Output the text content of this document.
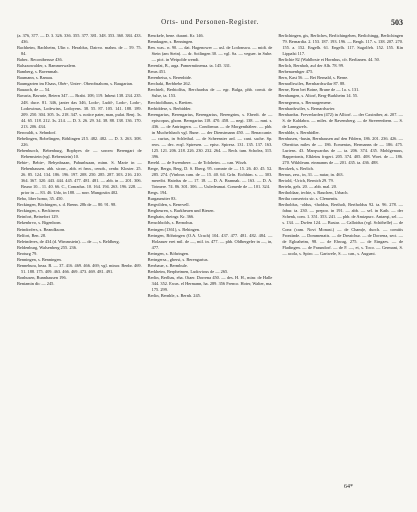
Orts- und Personen-Register.	503

(a. 376, 377. — D. 3. 326. 336. 355. 377. 381. 348. 353. 360. 384. 433. 436.

Bachheim, Bachheim, Ulin c. Heraldus, Dairvo. mahm. de ... 59. 75. 84.

Baber.. Reconiberuse 436.

Balszaowalder, s. Bammerwalern.

Bamberg, s. Bavenmah.

Baumann, s. Bamau.

Baumgarten im Elsass, Obér-, Unter-. Oberobsahom, s. Baugartan.

Bauaach, de — 54.

Bavaria, Bavarie, Beiern 347. — Brabt. 108; 119. Inbeut 138. 234. 235. 248. duce. 81. 346, janter das 346, Lodo-, Ludd-, Lodo-, Lodo-, Lodowinus, Lodewins, Lodoyens. 38. 55. 87. 105. 141. 188. 189. 209. 250. 304. 305. 3s. 218. 347. s. notice pater, man, pulat. Benj. 3s. 44. 65. 118. 212. 3s. 214. — D. 3. 26. 29. 34. 38. 88. 138. 136. 170. 213. 206. 434.

Beroraldt, s. Sehndorf.

Bebelingen, Bobelingen, Böblingen 215. 482. 482. — D. 3. 263. 308. 226.

Bebenburch, Bebenburg, Bopbyes de — sororw Berengari de Rebemstein (vgl. Rebenstein) 10.

Bebie-, Bebie-, Bebynbsaan, Pabunbsaan, minn. S. Marie in — Bebenhausen. abb. sicorr., abb. et frnn., cenob., cenbr. Kloster. 25. 26. 85. 124. 134. 186. 196. 197. 208. 250. 285. 287. 303. 216. 210. 364. 367. 320. 443. 444. 445. 477. 481. 481. — abb. in — 201. 306. Bruno 10... 11. 40. 66. C., Conradus. 10. 164. 194. 263. 196. 228. — prior in — 83. 46. Udo, in 188. — norr. Mungostin 402.

Bebo, liber homo, 35. 450.

Beckingen, Böchingen, s. d. Brenn. 28b de — 80. 91. 98.

Beckingen, s. Beckinver.

Beinfort, Beinefort 129.

Bekenbrvo, s. Bigenborn.

Beindorfers, s. Beandksorn.

Belfort, Ben. 28.

Beleinderes, de 434 (d. Wimmstein). — de —, s. Beldberg.

Beldenburg, Walsenberg 255. 236.

Beoturg 79.

Benningen, s. Benningen.

Bennebura, beaa. B. — 37. 416. 469. 466. 469; vgl. minor. Benbr. 469. 51. 188. 175. 409. 463. 466. 469. 473. 469. 481. 491.

Bonhusen, Bunnhausen 196.

Beniamin dic — 245.

Benckele, bene. durant. Kr. 146.

Bennkugen, s. Benningen.

Ben. was.. n. 90. — dat. Hagenower — usl. de Lodonswa. — midt. de Stein (am Stein). — dr. Soilingen 30. — vgl. Sa. — veguer. in Sube. — pict. in Weipolde wendi.

Berenfat, B., arga. Pamermiinensa. ta. 145. 331.

Beras 451.

Berenbeisa, s. Berenbide.

Berchaki, Berbbebe 262.

Berchtelt, Berhtolfus, Berchardus de — egr. Bulga, phb. comit. de Sulse, ta. 153.

Berchtoldhaus, s. Bretten.

Berbiddese, s. Berbidder.

Berengarius, Berengarius, Berengarius, Berengrins, s. Eberdt. de — episcopus, ghorn. Berngarius 118. 470. 458. — negt. 138. — mni. s. 436. — de Antringern. — Condirmus — de Morgenthäleer. — phb. in Muchelsbach vgl. Bune. — der Dienstmann 450. — Benaccanie. — curius, in Schlethal. — de Scheenster ard. — cant. sache. Sp. reos. — dec. ecql. Spiresen. — episc. Spiresz. 131. 135. 137. 163. 125. 121. 206. 218. 226. 230. 232. 264. — Rech. tum. Scholea, 315. 396.

Berehl. — de Swembere. — de Toloheim. — can. Wirzb.

Berge, Berga, Berg, D. S. Eberg. 95. comnte de — 15. 26. 40. 45. 52. 285. 274. (Vinbras cam. de — 15. 40. 64. Grfn. Eichhim. s. — 303. mereibt. Hairdus de — 17. 18. — D. A. Brannak. — 163. — D. A. Totmere. 74. 86. 301. 306. — Uuledeumai. Comede de — 101. 324.

Bergs. 194.

Burgaunstter 83.

Bergvilden, s. Benvvell.

Bergheuren, s. Burkheuen und Biesen.

Berghain, rheingr. Kr. 366.

Beruchbolds, s. Bernohus.

Beringen (1361), s. Behingen.

Beringen, Böhringen (O.A. Urach) 104. 437. 477. 481. 482. 484. — Holzauer erei mil. de —, mil. in. 477. — phb. Oldbergeler in —, in, 477.

Beringen, s. Böhringen.

Beringersz., gberst, s. Berengarius.

Berrbaue, s. Bermbule.

Berkheim, Berpheimen, Ludovious de — 265.

Berlin, Berlhas, eha. Otaer. Dorrena 450. — des. H. H., minr. de Halle 344. 352. Ewas. el Hermann, ha. 289. 356 Frenco. Hoter, Walter, ma. 175. 299.

Berlin, Bernhle, s. Bernh. 245.

Berlichingen, gis, Berliches, Berlichingehen, Berlichingg, Berlichingen 79. Bernardia. 2. 153. 187. 193. 196. — Bergh. 117. s. 138. 207. 270. 155. a. 152. Engelh. 61. Engelh. 117. Sugolfeh. 152. 155. Kin Lippalsi 117.

Berlichie 82 (Wahlbrste et Hornhus, cfr. Berlianen. 44. 50.

Berlich, Bernhoh, auf der Alb. 78. 99.

Berbenaenbger 475.

Bern, Kast 56. — Bei Bernald, s. Berne.

Bernarllswiles, Bernhardswilar 87. 88.

Berne, Bern bei Boine, Brune de — 1a. s. 131.

Bernhangen, s. Altorf, Berg-Burkheim 14. 55.

Bernegerms, s. Bernargemene.

Bernhardswiler, s. Bernardswier.

Bernhardus. Freverlarden (472) in Alltorf. — der Caxintber, at. 207. — S. de Kaldabra. — miles. de Ravensberg. — de Streeeenbern. — S. de Lanngwels.

Bernhlde, s. Bernhidler.

Bernhusen, -husin, Bernhausen auf den Fildern, 186. 201. 236. 426. — Obertitus miles de — 186. Ecmentas, Hermanns de — 186. 475. Lurtens. 43. Marqwardus de — ta. 206. 374. 435. Mohlgenuus, Rappertonis, Elkleins frrgeri. 205. 374. 405. 408. Woet. de — 186. 270. Wikhleum. einmanns de — 201. 435. ta. 436. 488.

Berolzek, s. Berlich.

Bernus, zeu., in, 31. — nutar, in. 463.

Bertold, -Urich, Bernich 29. 79.

Berteln, gels. 20. — abb. mal. 20.

Bertholdaar, iechie, s. Bauchen, Urbach.

Bertha consertrix sir. s. Clementis.

Bertholdus, -oldus, -tholdus, Bertholt, Bertholdus 92. ta. 96. 278. — fabur. ta. 230. — prepoo. in 191. — abb. — sel. in Kath. — der Schenk, com. 1. 351. 353. 241. — phb. de Amizpurc. Antaeqi, sel. — s. 134. — Dwfen 124. — Bustar. — Calloidus (vgl. Schöhelle) — de Conz (cam. Novi Monast.) — de Cham(e, durch. — comitis Frontinde. — Dommenatis. — de Dreaichur. — de Dorrena, sect. — de Egloaheim, 98. — de Ehwag, 275. — de Eingaes. — de Fladingen. — de Fraundorf. — de F. —, et, s. Toco. — Germani, S. — acola, s. Spiro. — Gartwele, S. — can., s. Augsmt.

64*
